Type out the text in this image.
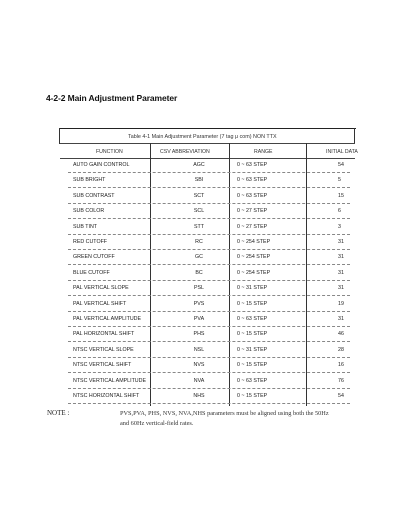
4-2-2 Main Adjustment Parameter
Table 4-1 Main Adjustment Parameter (7 tag μ com) NON TTX
FUNCTION	CSV ABBREVIATION	RANGE	INITIAL DATA
AUTO GAIN CONTROL	AGC	0 ~ 63 STEP	54
SUB BRIGHT	SBI	0 ~ 63 STEP	5
SUB CONTRAST	SCT	0 ~ 63 STEP	15
SUB COLOR	SCL	0 ~ 27 STEP	6
SUB TINT	STT	0 ~ 27 STEP	3
RED CUTOFF	RC	0 ~ 254 STEP	31
GREEN CUTOFF	GC	0 ~ 254 STEP	31
BLUE CUTOFF	BC	0 ~ 254 STEP	31
PAL VERTICAL SLOPE	PSL	0 ~ 31 STEP	31
PAL VERTICAL SHIFT	PVS	0 ~ 15 STEP	19
PAL VERTICAL AMPLITUDE	PVA	0 ~ 63 STEP	31
PAL HORIZONTAL SHIFT	PHS	0 ~ 15 STEP	46
NTSC VERTICAL SLOPE	NSL	0 ~ 31 STEP	28
NTSC VERTICAL SHIFT	NVS	0 ~ 15 STEP	16
NTSC VERTICAL AMPLITUDE	NVA	0 ~ 63 STEP	76
NTSC HORIZONTAL SHIFT	NHS	0 ~ 15 STEP	54
NOTE :	PVS,PVA, PHS, NVS, NVA,NHS parameters must be aligned using both the 50Hz and 60Hz vertical-field rates.
